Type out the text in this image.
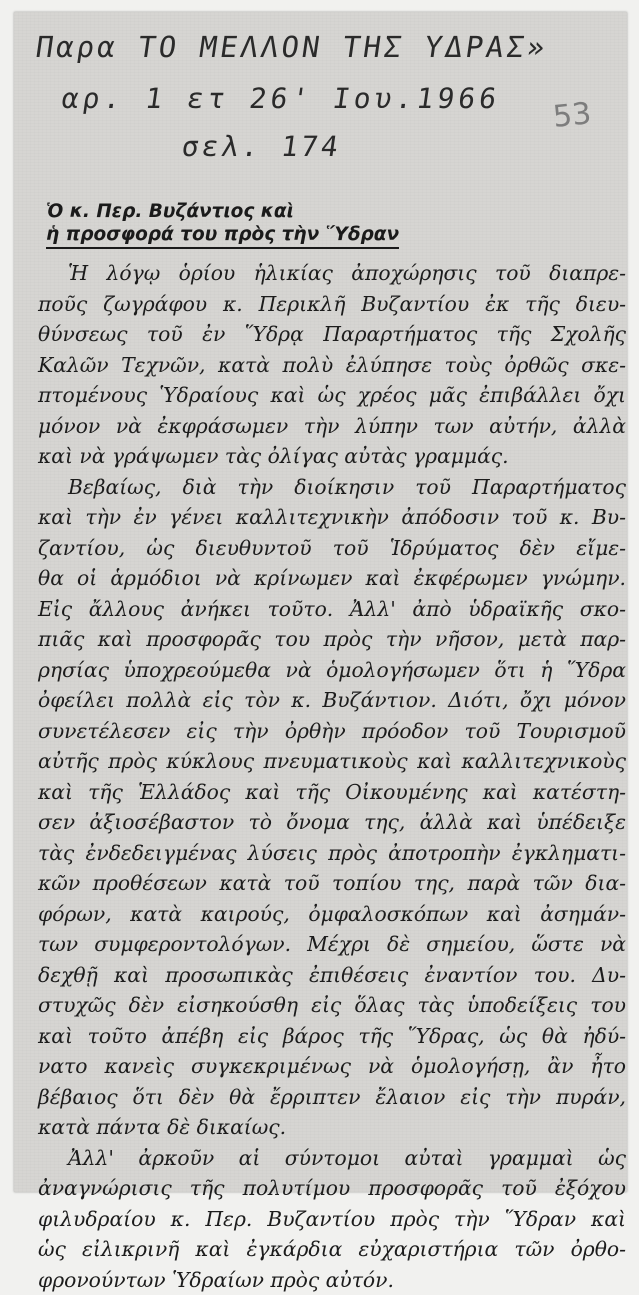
Παρα ΤΟ ΜΕΛΛΟΝ ΤΗΣ ΥΔΡΑΣ»
αρ. 1 ετ 26' Ιου.1966
σελ. 174
53
Ὁ κ. Περ. Βυζάντιος καὶ
ἡ προσφορά του πρὸς τὴν Ὕδραν
Ἡ λόγῳ ὁρίου ἡλικίας ἀποχώρησις τοῦ διαπρε-
ποῦς ζωγράφου κ. Περικλῆ Βυζαντίου ἐκ τῆς διευ-
θύνσεως τοῦ ἐν Ὕδρᾳ Παραρτήματος τῆς Σχολῆς
Καλῶν Τεχνῶν, κατὰ πολὺ ἐλύπησε τοὺς ὀρθῶς σκε-
πτομένους Ὑδραίους καὶ ὡς χρέος μᾶς ἐπιβάλλει ὄχι
μόνον νὰ ἐκφράσωμεν τὴν λύπην των αὐτήν, ἀλλὰ
καὶ νὰ γράψωμεν τὰς ὀλίγας αὐτὰς γραμμάς.
Βεβαίως, διὰ τὴν διοίκησιν τοῦ Παραρτήματος
καὶ τὴν ἐν γένει καλλιτεχνικὴν ἀπόδοσιν τοῦ κ. Βυ-
ζαντίου, ὡς διευθυντοῦ τοῦ Ἱδρύματος δὲν εἴμε-
θα οἱ ἁρμόδιοι νὰ κρίνωμεν καὶ ἐκφέρωμεν γνώμην.
Εἰς ἄλλους ἀνήκει τοῦτο. Ἀλλ' ἀπὸ ὑδραϊκῆς σκο-
πιᾶς καὶ προσφορᾶς του πρὸς τὴν νῆσον, μετὰ παρ-
ρησίας ὑποχρεούμεθα νὰ ὁμολογήσωμεν ὅτι ἡ Ὕδρα
ὀφείλει πολλὰ εἰς τὸν κ. Βυζάντιον. Διότι, ὄχι μόνον
συνετέλεσεν εἰς τὴν ὀρθὴν πρόοδον τοῦ Τουρισμοῦ
αὐτῆς πρὸς κύκλους πνευματικοὺς καὶ καλλιτεχνικοὺς
καὶ τῆς Ἑλλάδος καὶ τῆς Οἰκουμένης καὶ κατέστη-
σεν ἀξιοσέβαστον τὸ ὄνομα της, ἀλλὰ καὶ ὑπέδειξε
τὰς ἐνδεδειγμένας λύσεις πρὸς ἀποτροπὴν ἐγκληματι-
κῶν προθέσεων κατὰ τοῦ τοπίου της, παρὰ τῶν δια-
φόρων, κατὰ καιρούς, ὀμφαλοσκόπων καὶ ἀσημάν-
των συμφεροντολόγων. Μέχρι δὲ σημείου, ὥστε νὰ
δεχθῇ καὶ προσωπικὰς ἐπιθέσεις ἐναντίον του. Δυ-
στυχῶς δὲν εἰσηκούσθη εἰς ὅλας τὰς ὑποδείξεις του
καὶ τοῦτο ἀπέβη εἰς βάρος τῆς Ὕδρας, ὡς θὰ ἠδύ-
νατο κανεὶς συγκεκριμένως νὰ ὁμολογήσῃ, ἂν ἦτο
βέβαιος ὅτι δὲν θὰ ἔρριπτεν ἔλαιον εἰς τὴν πυράν,
κατὰ πάντα δὲ δικαίως.
Ἀλλ' ἀρκοῦν αἱ σύντομοι αὐταὶ γραμμαὶ ὡς
ἀναγνώρισις τῆς πολυτίμου προσφορᾶς τοῦ ἐξόχου
φιλυδραίου κ. Περ. Βυζαντίου πρὸς τὴν Ὕδραν καὶ
ὡς εἰλικρινῆ καὶ ἐγκάρδια εὐχαριστήρια τῶν ὀρθο-
φρονούντων Ὑδραίων πρὸς αὐτόν.
